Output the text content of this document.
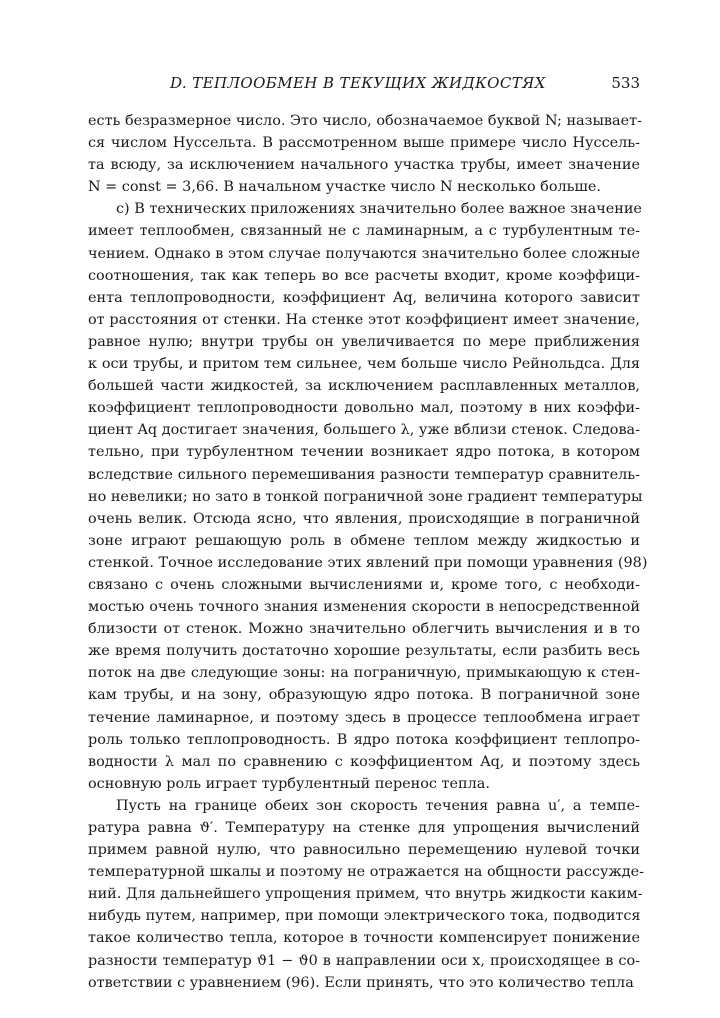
D. ТЕПЛООБМЕН В ТЕКУЩИХ ЖИДКОСТЯХ	533
есть безразмерное число. Это число, обозначаемое буквой N; называет-
ся числом Нуссельта. В рассмотренном выше примере число Нуссель-
та всюду, за исключением начального участка трубы, имеет значение
N = const = 3,66. В начальном участке число N несколько больше.
с) В технических приложениях значительно более важное значение
имеет теплообмен, связанный не с ламинарным, а с турбулентным те-
чением. Однако в этом случае получаются значительно более сложные
соотношения, так как теперь во все расчеты входит, кроме коэффици-
ента теплопроводности, коэффициент Aq, величина которого зависит
от расстояния от стенки. На стенке этот коэффициент имеет значение,
равное нулю; внутри трубы он увеличивается по мере приближения
к оси трубы, и притом тем сильнее, чем больше число Рейнольдса. Для
большей части жидкостей, за исключением расплавленных металлов,
коэффициент теплопроводности довольно мал, поэтому в них коэффи-
циент Aq достигает значения, большего λ, уже вблизи стенок. Следова-
тельно, при турбулентном течении возникает ядро потока, в котором
вследствие сильного перемешивания разности температур сравнитель-
но невелики; но зато в тонкой пограничной зоне градиент температуры
очень велик. Отсюда ясно, что явления, происходящие в пограничной
зоне играют решающую роль в обмене теплом между жидкостью и
стенкой. Точное исследование этих явлений при помощи уравнения (98)
связано с очень сложными вычислениями и, кроме того, с необходи-
мостью очень точного знания изменения скорости в непосредственной
близости от стенок. Можно значительно облегчить вычисления и в то
же время получить достаточно хорошие результаты, если разбить весь
поток на две следующие зоны: на пограничную, примыкающую к стен-
кам трубы, и на зону, образующую ядро потока. В пограничной зоне
течение ламинарное, и поэтому здесь в процессе теплообмена играет
роль только теплопроводность. В ядро потока коэффициент теплопро-
водности λ мал по сравнению с коэффициентом Aq, и поэтому здесь
основную роль играет турбулентный перенос тепла.
Пусть на границе обеих зон скорость течения равна u′, а темпе-
ратура равна ϑ′. Температуру на стенке для упрощения вычислений
примем равной нулю, что равносильно перемещению нулевой точки
температурной шкалы и поэтому не отражается на общности рассужде-
ний. Для дальнейшего упрощения примем, что внутрь жидкости каким-
нибудь путем, например, при помощи электрического тока, подводится
такое количество тепла, которое в точности компенсирует понижение
разности температур ϑ1 − ϑ0 в направлении оси x, происходящее в со-
ответствии с уравнением (96). Если принять, что это количество тепла
